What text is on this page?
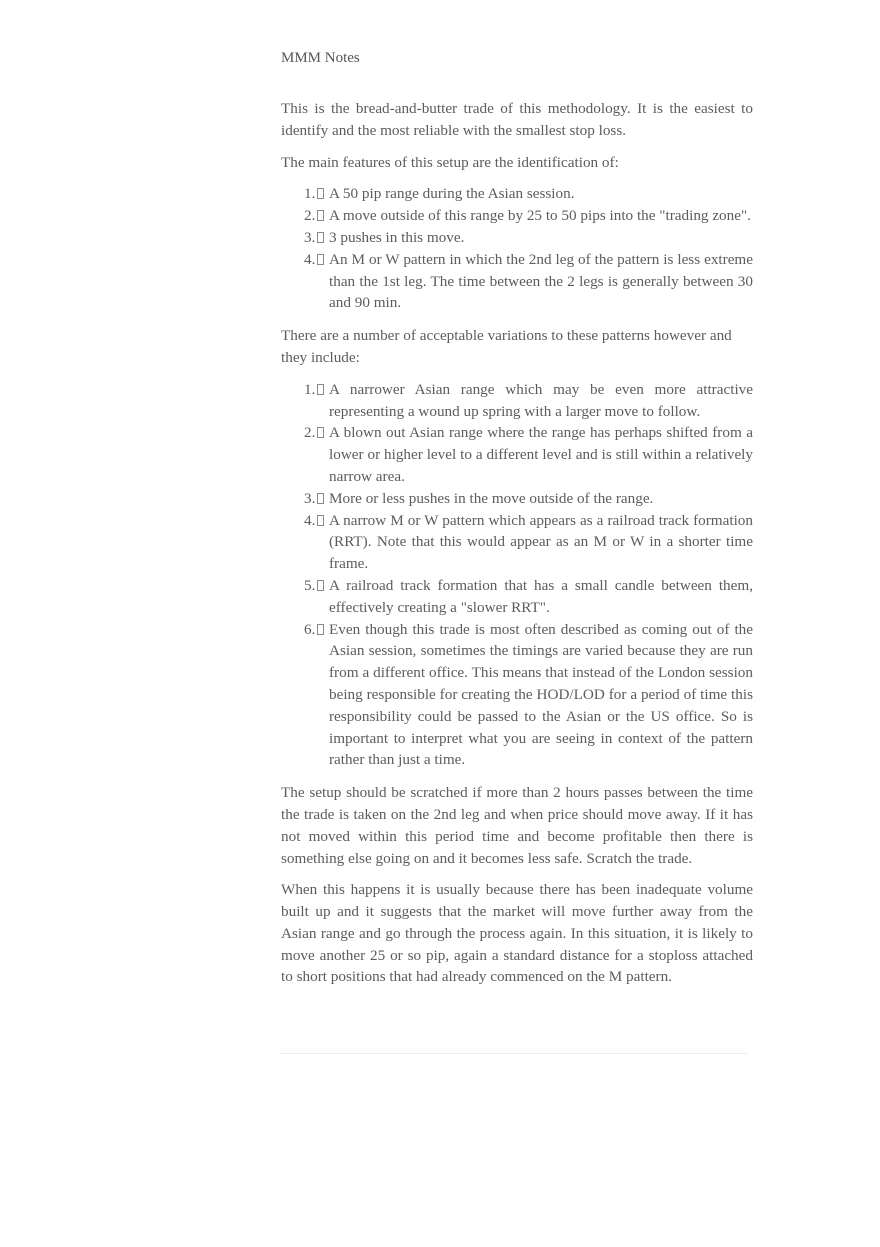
MMM Notes

This is the bread-and-butter trade of this methodology. It is the easiest to identify and the most reliable with the smallest stop loss.

The main features of this setup are the identification of:

1. A 50 pip range during the Asian session.
2. A move outside of this range by 25 to 50 pips into the "trading zone".
3. 3 pushes in this move.
4. An M or W pattern in which the 2nd leg of the pattern is less extreme than the 1st leg. The time between the 2 legs is generally between 30 and 90 min.

There are a number of acceptable variations to these patterns however and they include:

1. A narrower Asian range which may be even more attractive representing a wound up spring with a larger move to follow.
2. A blown out Asian range where the range has perhaps shifted from a lower or higher level to a different level and is still within a relatively narrow area.
3. More or less pushes in the move outside of the range.
4. A narrow M or W pattern which appears as a railroad track formation (RRT). Note that this would appear as an M or W in a shorter time frame.
5. A railroad track formation that has a small candle between them, effectively creating a "slower RRT".
6. Even though this trade is most often described as coming out of the Asian session, sometimes the timings are varied because they are run from a different office. This means that instead of the London session being responsible for creating the HOD/LOD for a period of time this responsibility could be passed to the Asian or the US office. So is important to interpret what you are seeing in context of the pattern rather than just a time.

The setup should be scratched if more than 2 hours passes between the time the trade is taken on the 2nd leg and when price should move away. If it has not moved within this period time and become profitable then there is something else going on and it becomes less safe. Scratch the trade.

When this happens it is usually because there has been inadequate volume built up and it suggests that the market will move further away from the Asian range and go through the process again. In this situation, it is likely to move another 25 or so pip, again a standard distance for a stoploss attached to short positions that had already commenced on the M pattern.
